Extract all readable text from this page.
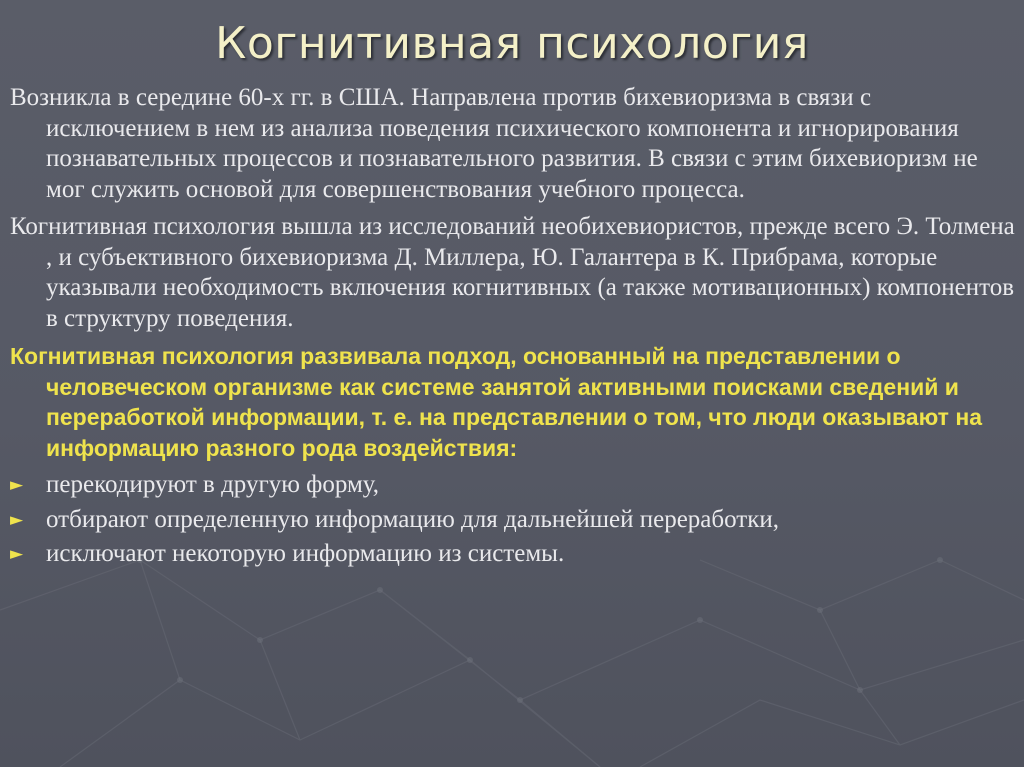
Когнитивная психология

Возникла в середине 60-х гг. в США. Направлена против бихевиоризма в связи с исключением в нем из анализа поведения психического компонента и игнорирования познавательных процессов и познавательного развития. В связи с этим бихевиоризм не мог служить основой для совершенствования учебного процесса.

Когнитивная психология вышла из исследований необихевиористов, прежде всего Э. Толмена , и субъективного бихевиоризма Д. Миллера, Ю. Галантера в К. Прибрама, которые указывали необходимость включения когнитивных (а также мотивационных) компонентов в структуру поведения.

Когнитивная психология развивала подход, основанный на представлении о человеческом организме как системе занятой активными поисками сведений и переработкой информации, т. е. на представлении о том, что люди оказывают на информацию разного рода воздействия:

► перекодируют в другую форму,
► отбирают определенную информацию для дальнейшей переработки,
► исключают некоторую информацию из системы.
